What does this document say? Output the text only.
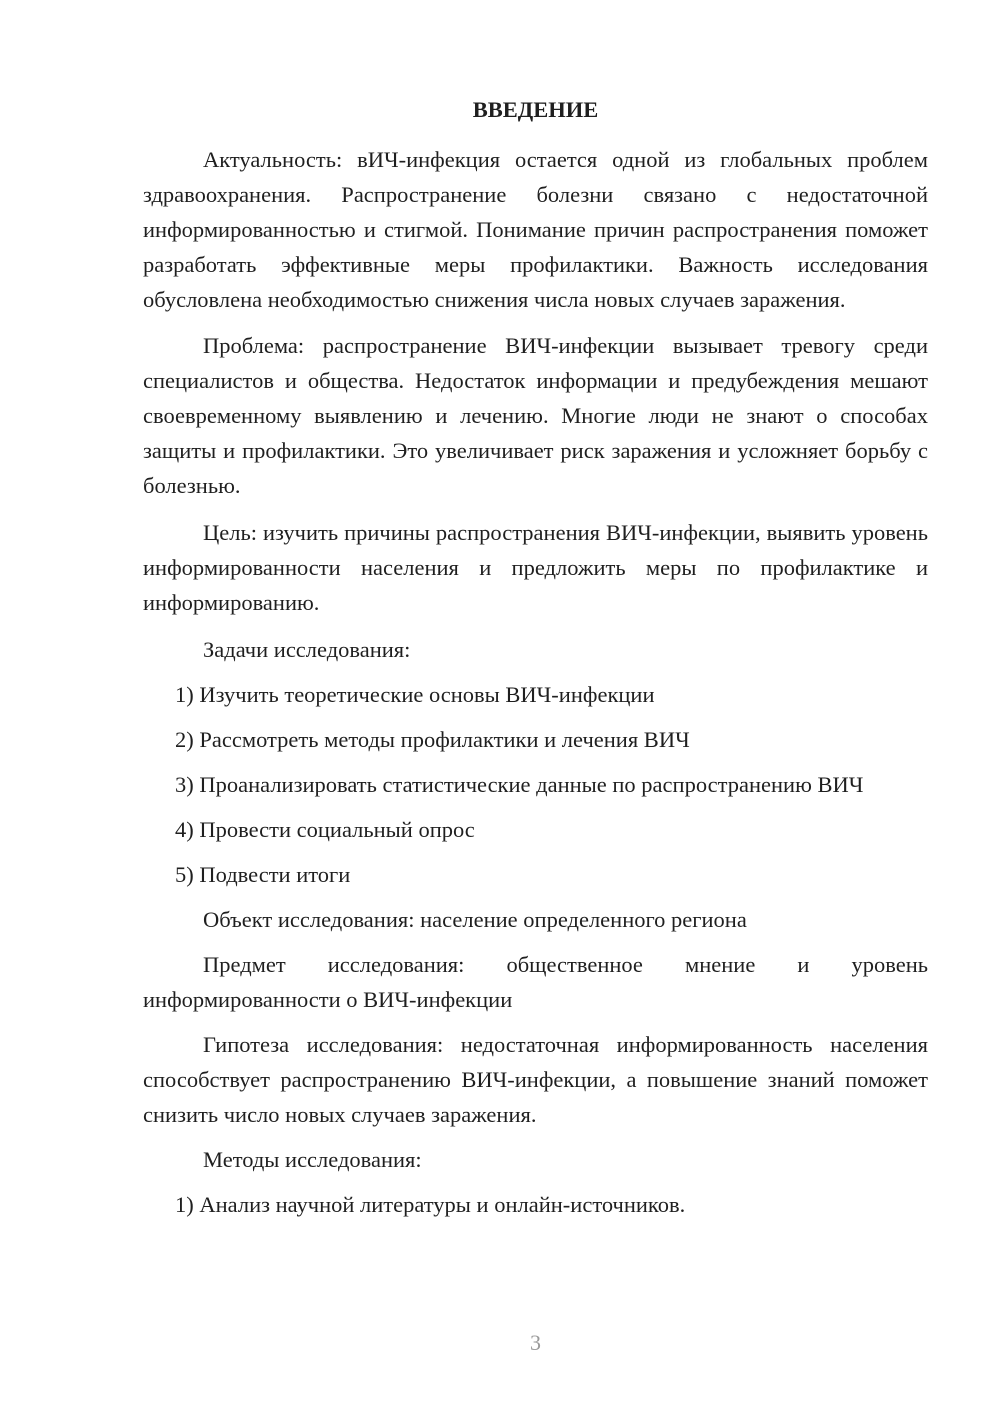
ВВЕДЕНИЕ

Актуальность: вИЧ-инфекция остается одной из глобальных проблем здравоохранения. Распространение болезни связано с недостаточной информированностью и стигмой. Понимание причин распространения поможет разработать эффективные меры профилактики. Важность исследования обусловлена необходимостью снижения числа новых случаев заражения.

Проблема: распространение ВИЧ-инфекции вызывает тревогу среди специалистов и общества. Недостаток информации и предубеждения мешают своевременному выявлению и лечению. Многие люди не знают о способах защиты и профилактики. Это увеличивает риск заражения и усложняет борьбу с болезнью.

Цель: изучить причины распространения ВИЧ-инфекции, выявить уровень информированности населения и предложить меры по профилактике и информированию.

Задачи исследования:

1) Изучить теоретические основы ВИЧ-инфекции

2) Рассмотреть методы профилактики и лечения ВИЧ

3) Проанализировать статистические данные по распространению ВИЧ

4) Провести социальный опрос

5) Подвести итоги

Объект исследования: население определенного региона

Предмет исследования: общественное мнение и уровень информированности о ВИЧ-инфекции

Гипотеза исследования: недостаточная информированность населения способствует распространению ВИЧ-инфекции, а повышение знаний поможет снизить число новых случаев заражения.

Методы исследования:

1) Анализ научной литературы и онлайн-источников.

3
